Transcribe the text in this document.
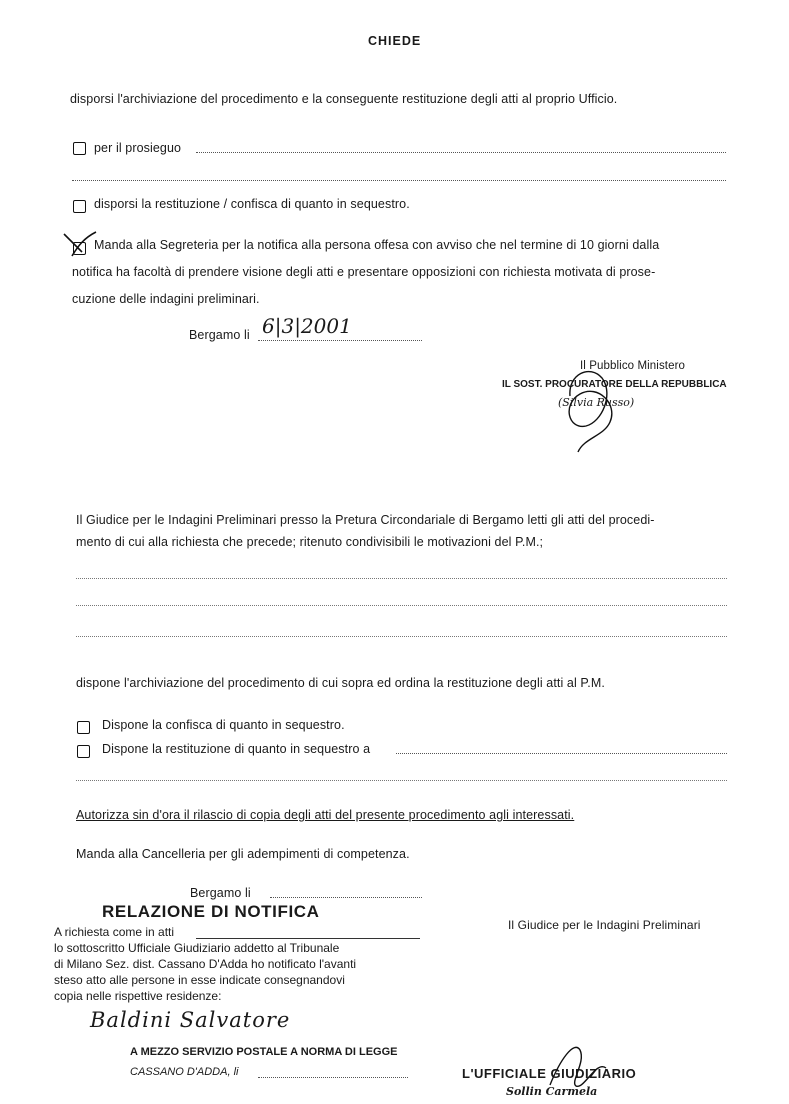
CHIEDE
disporsi l'archiviazione del procedimento e la conseguente restituzione degli atti al proprio Ufficio.
per il prosieguo
disporsi la restituzione / confisca di quanto in sequestro.
Manda alla Segreteria per la notifica alla persona offesa con avviso che nel termine di 10 giorni dalla
notifica ha facoltà di prendere visione degli atti e presentare opposizioni con richiesta motivata di prose-
cuzione delle indagini preliminari.
Bergamo li 6|3|2001
Il Pubblico Ministero
IL SOST. PROCURATORE DELLA REPUBBLICA
(Silvia Russo)
Il Giudice per le Indagini Preliminari presso la Pretura Circondariale di Bergamo letti gli atti del procedi-
mento di cui alla richiesta che precede; ritenuto condivisibili le motivazioni del P.M.;
dispone l'archiviazione del procedimento di cui sopra ed ordina la restituzione degli atti al P.M.
Dispone la confisca di quanto in sequestro.
Dispone la restituzione di quanto in sequestro a
Autorizza sin d'ora il rilascio di copia degli atti del presente procedimento agli interessati.
Manda alla Cancelleria per gli adempimenti di competenza.
Bergamo li
Il Giudice per le Indagini Preliminari
RELAZIONE DI NOTIFICA
A richiesta come in atti
lo sottoscritto Ufficiale Giudiziario addetto al Tribunale
di Milano Sez. dist. Cassano D'Adda ho notificato l'avanti
steso atto alle persone in esse indicate consegnandovi
copia nelle rispettive residenze:
Baldini Salvatore
A MEZZO SERVIZIO POSTALE A NORMA DI LEGGE
CASSANO D'ADDA, li	L'UFFICIALE GIUDIZIARIO
Sollin Carmela
